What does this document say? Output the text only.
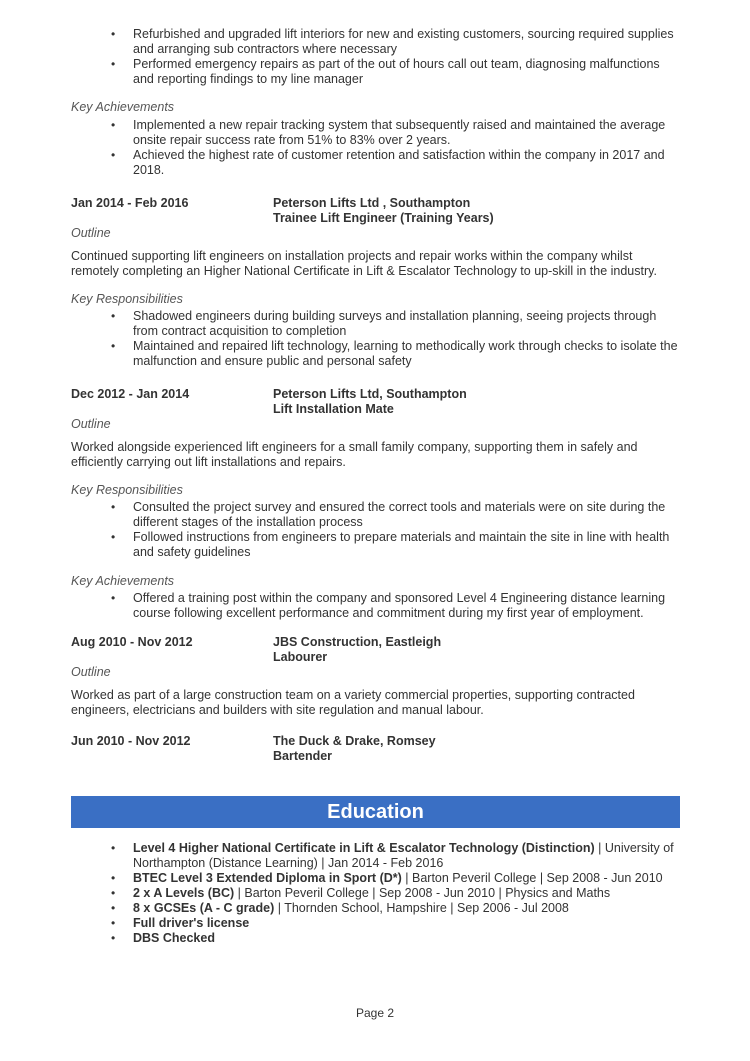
• Refurbished and upgraded lift interiors for new and existing customers, sourcing required supplies and arranging sub contractors where necessary
• Performed emergency repairs as part of the out of hours call out team, diagnosing malfunctions and reporting findings to my line manager
Key Achievements
• Implemented a new repair tracking system that subsequently raised and maintained the average onsite repair success rate from 51% to 83% over 2 years.
• Achieved the highest rate of customer retention and satisfaction within the company in 2017 and 2018.
Jan 2014 - Feb 2016	Peterson Lifts Ltd , Southampton
Trainee Lift Engineer (Training Years)
Outline
Continued supporting lift engineers on installation projects and repair works within the company whilst remotely completing an Higher National Certificate in Lift & Escalator Technology to up-skill in the industry.
Key Responsibilities
• Shadowed engineers during building surveys and installation planning, seeing projects through from contract acquisition to completion
• Maintained and repaired lift technology, learning to methodically work through checks to isolate the malfunction and ensure public and personal safety
Dec 2012 - Jan 2014	Peterson Lifts Ltd, Southampton
Lift Installation Mate
Outline
Worked alongside experienced lift engineers for a small family company, supporting them in safely and efficiently carrying out lift installations and repairs.
Key Responsibilities
• Consulted the project survey and ensured the correct tools and materials were on site during the different stages of the installation process
• Followed instructions from engineers to prepare materials and maintain the site in line with health and safety guidelines
Key Achievements
• Offered a training post within the company and sponsored Level 4 Engineering distance learning course following excellent performance and commitment during my first year of employment.
Aug 2010 - Nov 2012	JBS Construction, Eastleigh
Labourer
Outline
Worked as part of a large construction team on a variety commercial properties, supporting contracted engineers, electricians and builders with site regulation and manual labour.
Jun 2010 - Nov 2012	The Duck & Drake, Romsey
Bartender
Education
• Level 4 Higher National Certificate in Lift & Escalator Technology (Distinction) | University of Northampton (Distance Learning) | Jan 2014 - Feb 2016
• BTEC Level 3 Extended Diploma in Sport (D*) | Barton Peveril College | Sep 2008 - Jun 2010
• 2 x A Levels (BC) | Barton Peveril College | Sep 2008 - Jun 2010 | Physics and Maths
• 8 x GCSEs (A - C grade) | Thornden School, Hampshire | Sep 2006 - Jul 2008
• Full driver's license
• DBS Checked
Page 2
